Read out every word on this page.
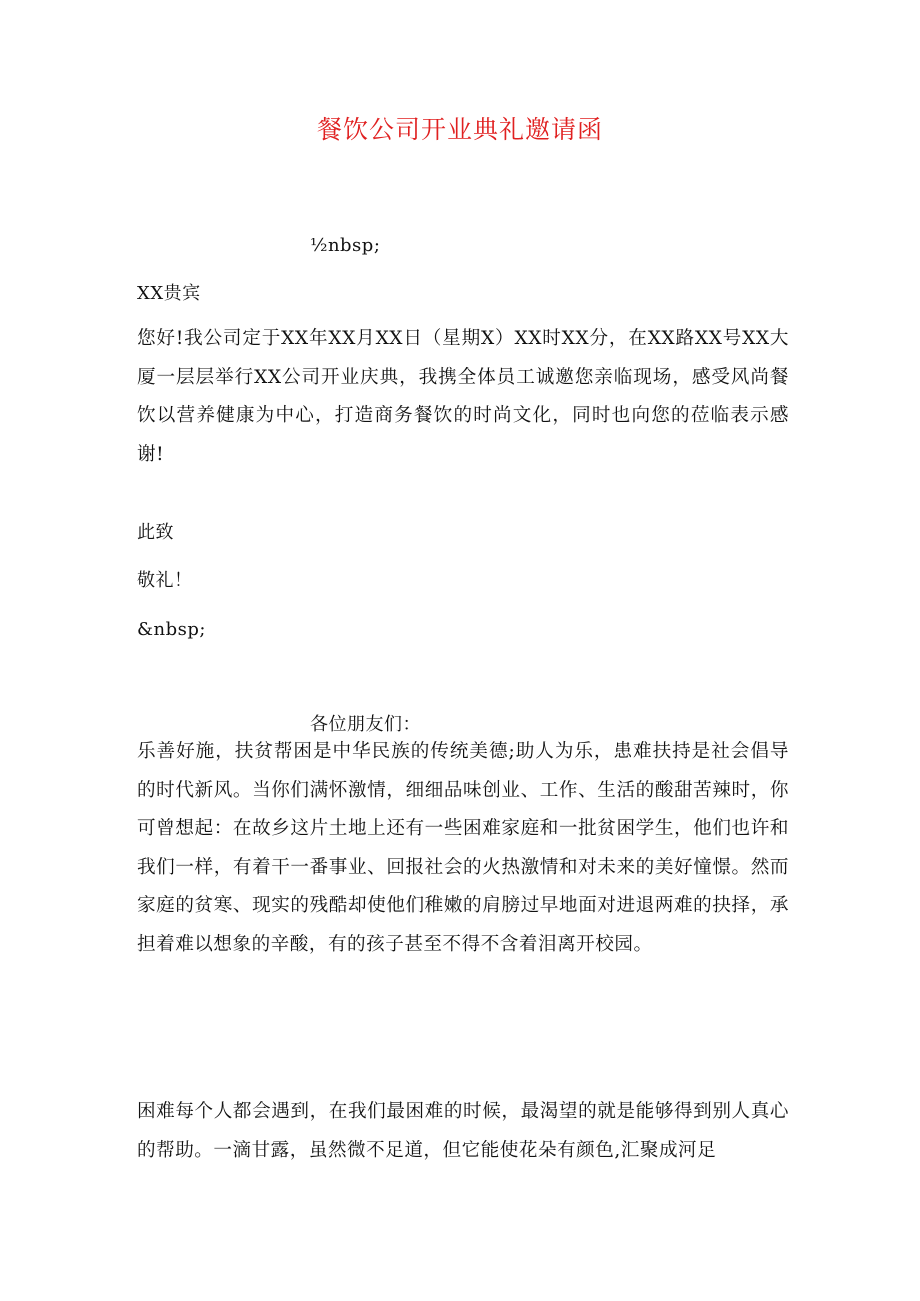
餐饮公司开业典礼邀请函
½nbsp;
XX贵宾
您好!我公司定于XX年XX月XX日（星期X）XX时XX分，在XX路XX号XX大厦一层层举行XX公司开业庆典，我携全体员工诚邀您亲临现场，感受风尚餐饮以营养健康为中心，打造商务餐饮的时尚文化，同时也向您的莅临表示感谢!
此致
敬礼！
&nbsp;
各位朋友们：
乐善好施，扶贫帮困是中华民族的传统美德;助人为乐，患难扶持是社会倡导的时代新风。当你们满怀激情，细细品味创业、工作、生活的酸甜苦辣时，你可曾想起：在故乡这片土地上还有一些困难家庭和一批贫困学生，他们也许和我们一样，有着干一番事业、回报社会的火热激情和对未来的美好憧憬。然而家庭的贫寒、现实的残酷却使他们稚嫩的肩膀过早地面对进退两难的抉择，承担着难以想象的辛酸，有的孩子甚至不得不含着泪离开校园。
困难每个人都会遇到，在我们最困难的时候，最渴望的就是能够得到别人真心的帮助。一滴甘露，虽然微不足道，但它能使花朵有颜色,汇聚成河足
